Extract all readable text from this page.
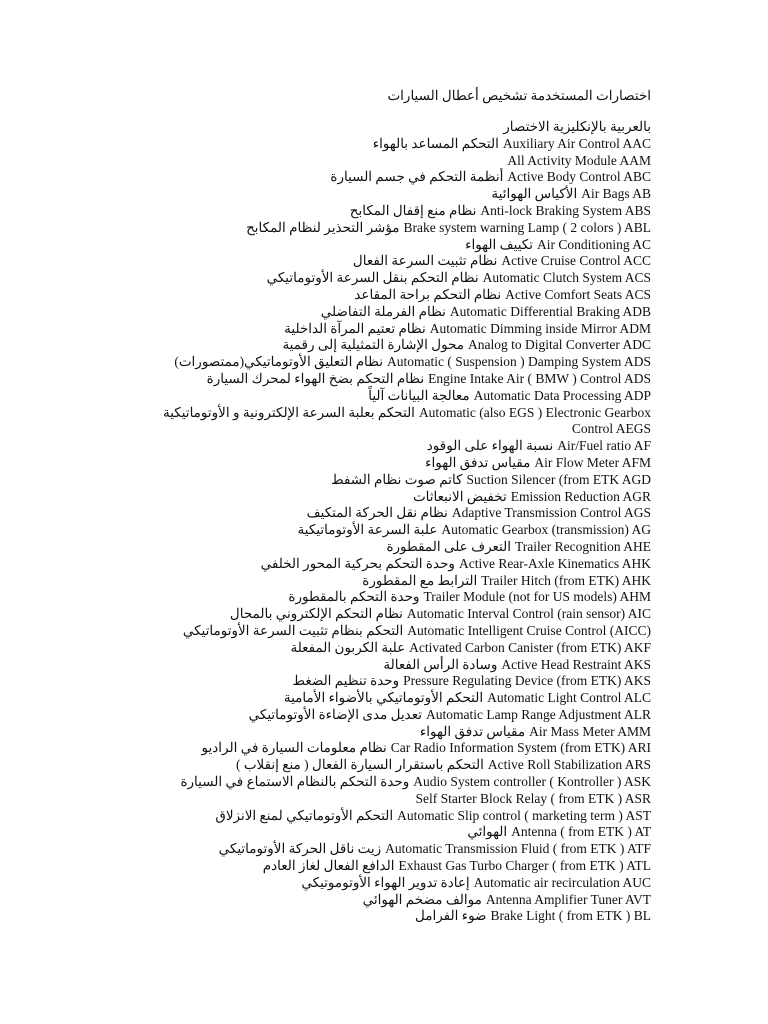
اختصارات المستخدمة تشخيص أعطال السيارات
بالعربية بالإنكليزية الاختصار
التحكم المساعد بالهواء Auxiliary Air Control AAC
All Activity Module AAM
أنظمة التحكم في جسم السيارة Active Body Control ABC
الأكياس الهوائية Air Bags AB
نظام منع إقفال المكابح Anti-lock Braking System ABS
مؤشر التحذير لنظام المكابح Brake system warning Lamp ( 2 colors ) ABL
تكييف الهواء Air Conditioning AC
نظام تثبيت السرعة الفعال Active Cruise Control ACC
نظام التحكم بنقل السرعة الأوتوماتيكي Automatic Clutch System ACS
نظام التحكم براحة المقاعد Active Comfort Seats ACS
نظام الفرملة التفاضلي Automatic Differential Braking ADB
نظام تعتيم المرآة الداخلية Automatic Dimming inside Mirror ADM
محول الإشارة التمثيلية إلى رقمية Analog to Digital Converter ADC
نظام التعليق الأوتوماتيكي(ممتصورات) Automatic ( Suspension ) Damping System ADS
نظام التحكم بضخ الهواء لمحرك السيارة Engine Intake Air ( BMW ) Control ADS
معالجة البيانات آلياً Automatic Data Processing ADP
التحكم بعلبة السرعة الإلكترونية و الأوتوماتيكية Automatic (also EGS ) Electronic Gearbox
Control AEGS
نسبة الهواء على الوقود Air/Fuel ratio AF
مقياس تدفق الهواء Air Flow Meter AFM
كاتم صوت نظام الشفط Suction Silencer (from ETK AGD
تخفيض الانبعاثات Emission Reduction AGR
نظام نقل الحركة المتكيف Adaptive Transmission Control AGS
علبة السرعة الأوتوماتيكية Automatic Gearbox (transmission) AG
التعرف على المقطورة Trailer Recognition AHE
وحدة التحكم بحركية المحور الخلفي Active Rear-Axle Kinematics AHK
الترابط مع المقطورة Trailer Hitch (from ETK) AHK
وحدة التحكم بالمقطورة Trailer Module (not for US models) AHM
نظام التحكم الإلكتروني بالمحال Automatic Interval Control (rain sensor) AIC
التحكم بنظام تثبيت السرعة الأوتوماتيكي Automatic Intelligent Cruise Control (AICC)
علبة الكربون المفعلة Activated Carbon Canister (from ETK) AKF
وسادة الرأس الفعالة Active Head Restraint AKS
وحدة تنظيم الضغط Pressure Regulating Device (from ETK) AKS
التحكم الأوتوماتيكي بالأضواء الأمامية Automatic Light Control ALC
تعديل مدى الإضاءة الأوتوماتيكي Automatic Lamp Range Adjustment ALR
مقياس تدفق الهواء Air Mass Meter AMM
نظام معلومات السيارة في الراديو Car Radio Information System (from ETK) ARI
التحكم باستقرار السيارة الفعال ( منع إنقلاب ) Active Roll Stabilization ARS
وحدة التحكم بالنظام الاستماع في السيارة Audio System controller ( Kontroller ) ASK
Self Starter Block Relay ( from ETK ) ASR
التحكم الأوتوماتيكي لمنع الانزلاق Automatic Slip control ( marketing term ) AST
الهوائي Antenna ( from ETK ) AT
زيت ناقل الحركة الأوتوماتيكي Automatic Transmission Fluid ( from ETK ) ATF
الدافع الفعال لغاز العادم Exhaust Gas Turbo Charger ( from ETK ) ATL
إعادة تدوير الهواء الأوتوموتيكي Automatic air recirculation AUC
موالف مضخم الهوائي Antenna Amplifier Tuner AVT
ضوء الفرامل Brake Light ( from ETK ) BL
